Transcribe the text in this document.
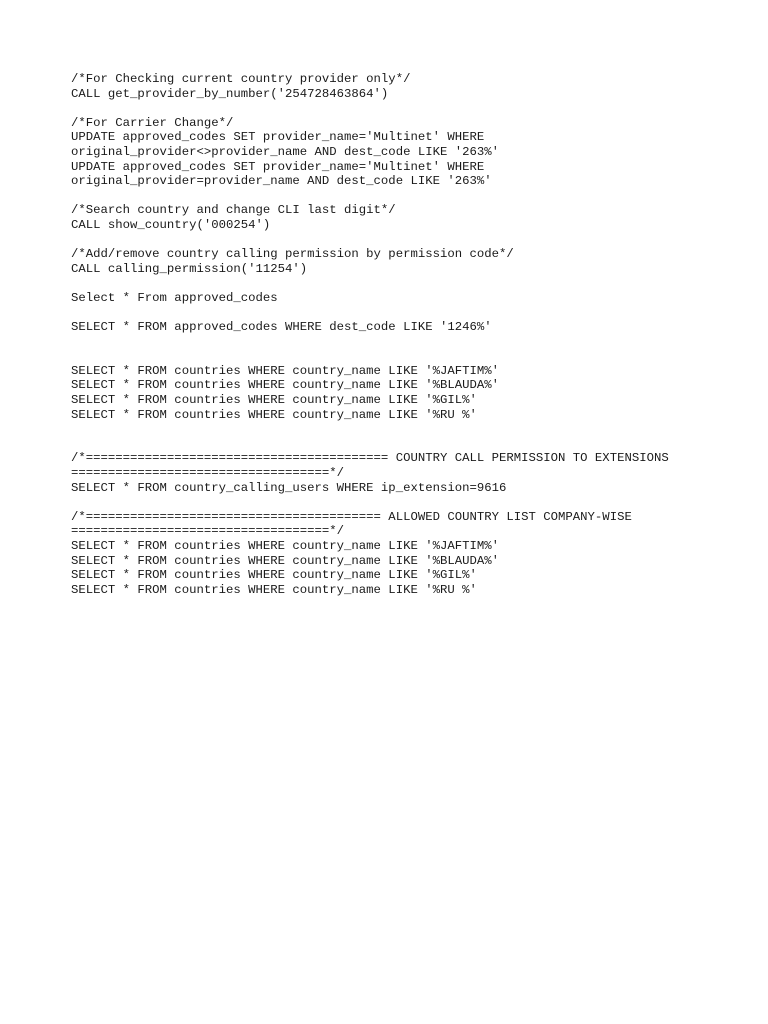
/*For Checking current country provider only*/
CALL get_provider_by_number('254728463864')
/*For Carrier Change*/
UPDATE approved_codes SET provider_name='Multinet' WHERE
original_provider<>provider_name AND dest_code LIKE '263%'
UPDATE approved_codes SET provider_name='Multinet' WHERE
original_provider=provider_name AND dest_code LIKE '263%'
/*Search country and change CLI last digit*/
CALL show_country('000254')
/*Add/remove country calling permission by permission code*/
CALL calling_permission('11254')
Select * From approved_codes
SELECT * FROM approved_codes WHERE dest_code LIKE '1246%'
SELECT * FROM countries WHERE country_name LIKE '%JAFTIM%'
SELECT * FROM countries WHERE country_name LIKE '%BLAUDA%'
SELECT * FROM countries WHERE country_name LIKE '%GIL%'
SELECT * FROM countries WHERE country_name LIKE '%RU %'
/*========================================= COUNTRY CALL PERMISSION TO EXTENSIONS
===================================*/
SELECT * FROM country_calling_users WHERE ip_extension=9616
/*======================================== ALLOWED COUNTRY LIST COMPANY-WISE
===================================*/
SELECT * FROM countries WHERE country_name LIKE '%JAFTIM%'
SELECT * FROM countries WHERE country_name LIKE '%BLAUDA%'
SELECT * FROM countries WHERE country_name LIKE '%GIL%'
SELECT * FROM countries WHERE country_name LIKE '%RU %'
